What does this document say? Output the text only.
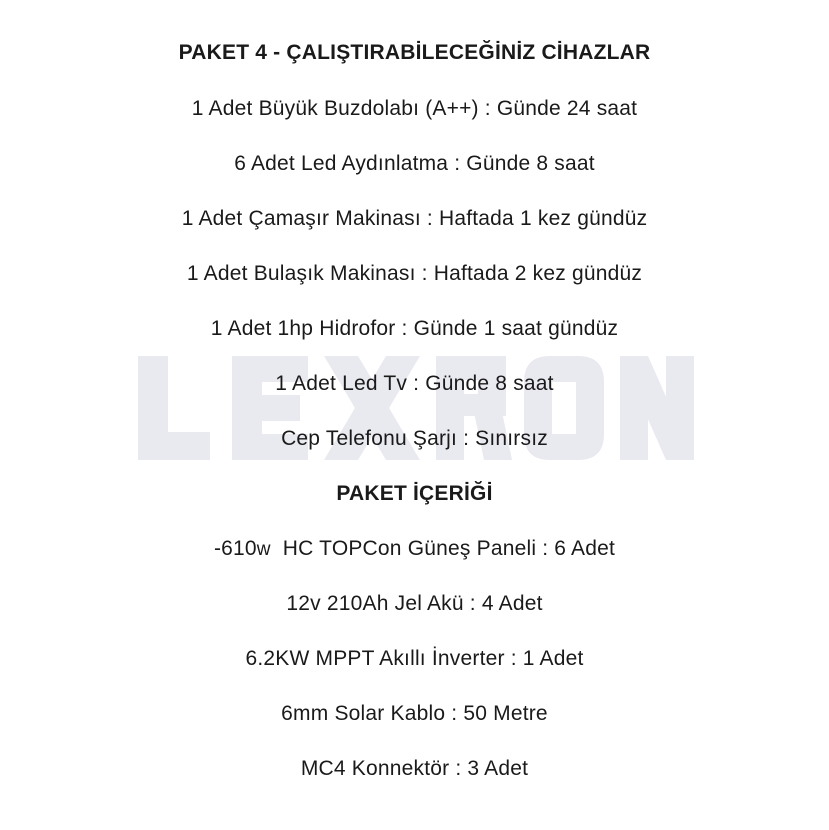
PAKET 4 - ÇALIŞTIRABİLECEĞİNİZ CİHAZLAR
1 Adet Büyük Buzdolabı (A++) : Günde 24 saat
6 Adet Led Aydınlatma : Günde 8 saat
1 Adet Çamaşır Makinası : Haftada 1 kez gündüz
1 Adet Bulaşık Makinası : Haftada 2 kez gündüz
1 Adet 1hp Hidrofor : Günde 1 saat gündüz
1 Adet Led Tv : Günde 8 saat
Cep Telefonu Şarjı : Sınırsız
PAKET İÇERİĞİ
-610w HC TOPCon Güneş Paneli : 6 Adet
12v 210Ah Jel Akü : 4 Adet
6.2KW MPPT Akıllı İnverter : 1 Adet
6mm Solar Kablo : 50 Metre
MC4 Konnektör : 3 Adet
